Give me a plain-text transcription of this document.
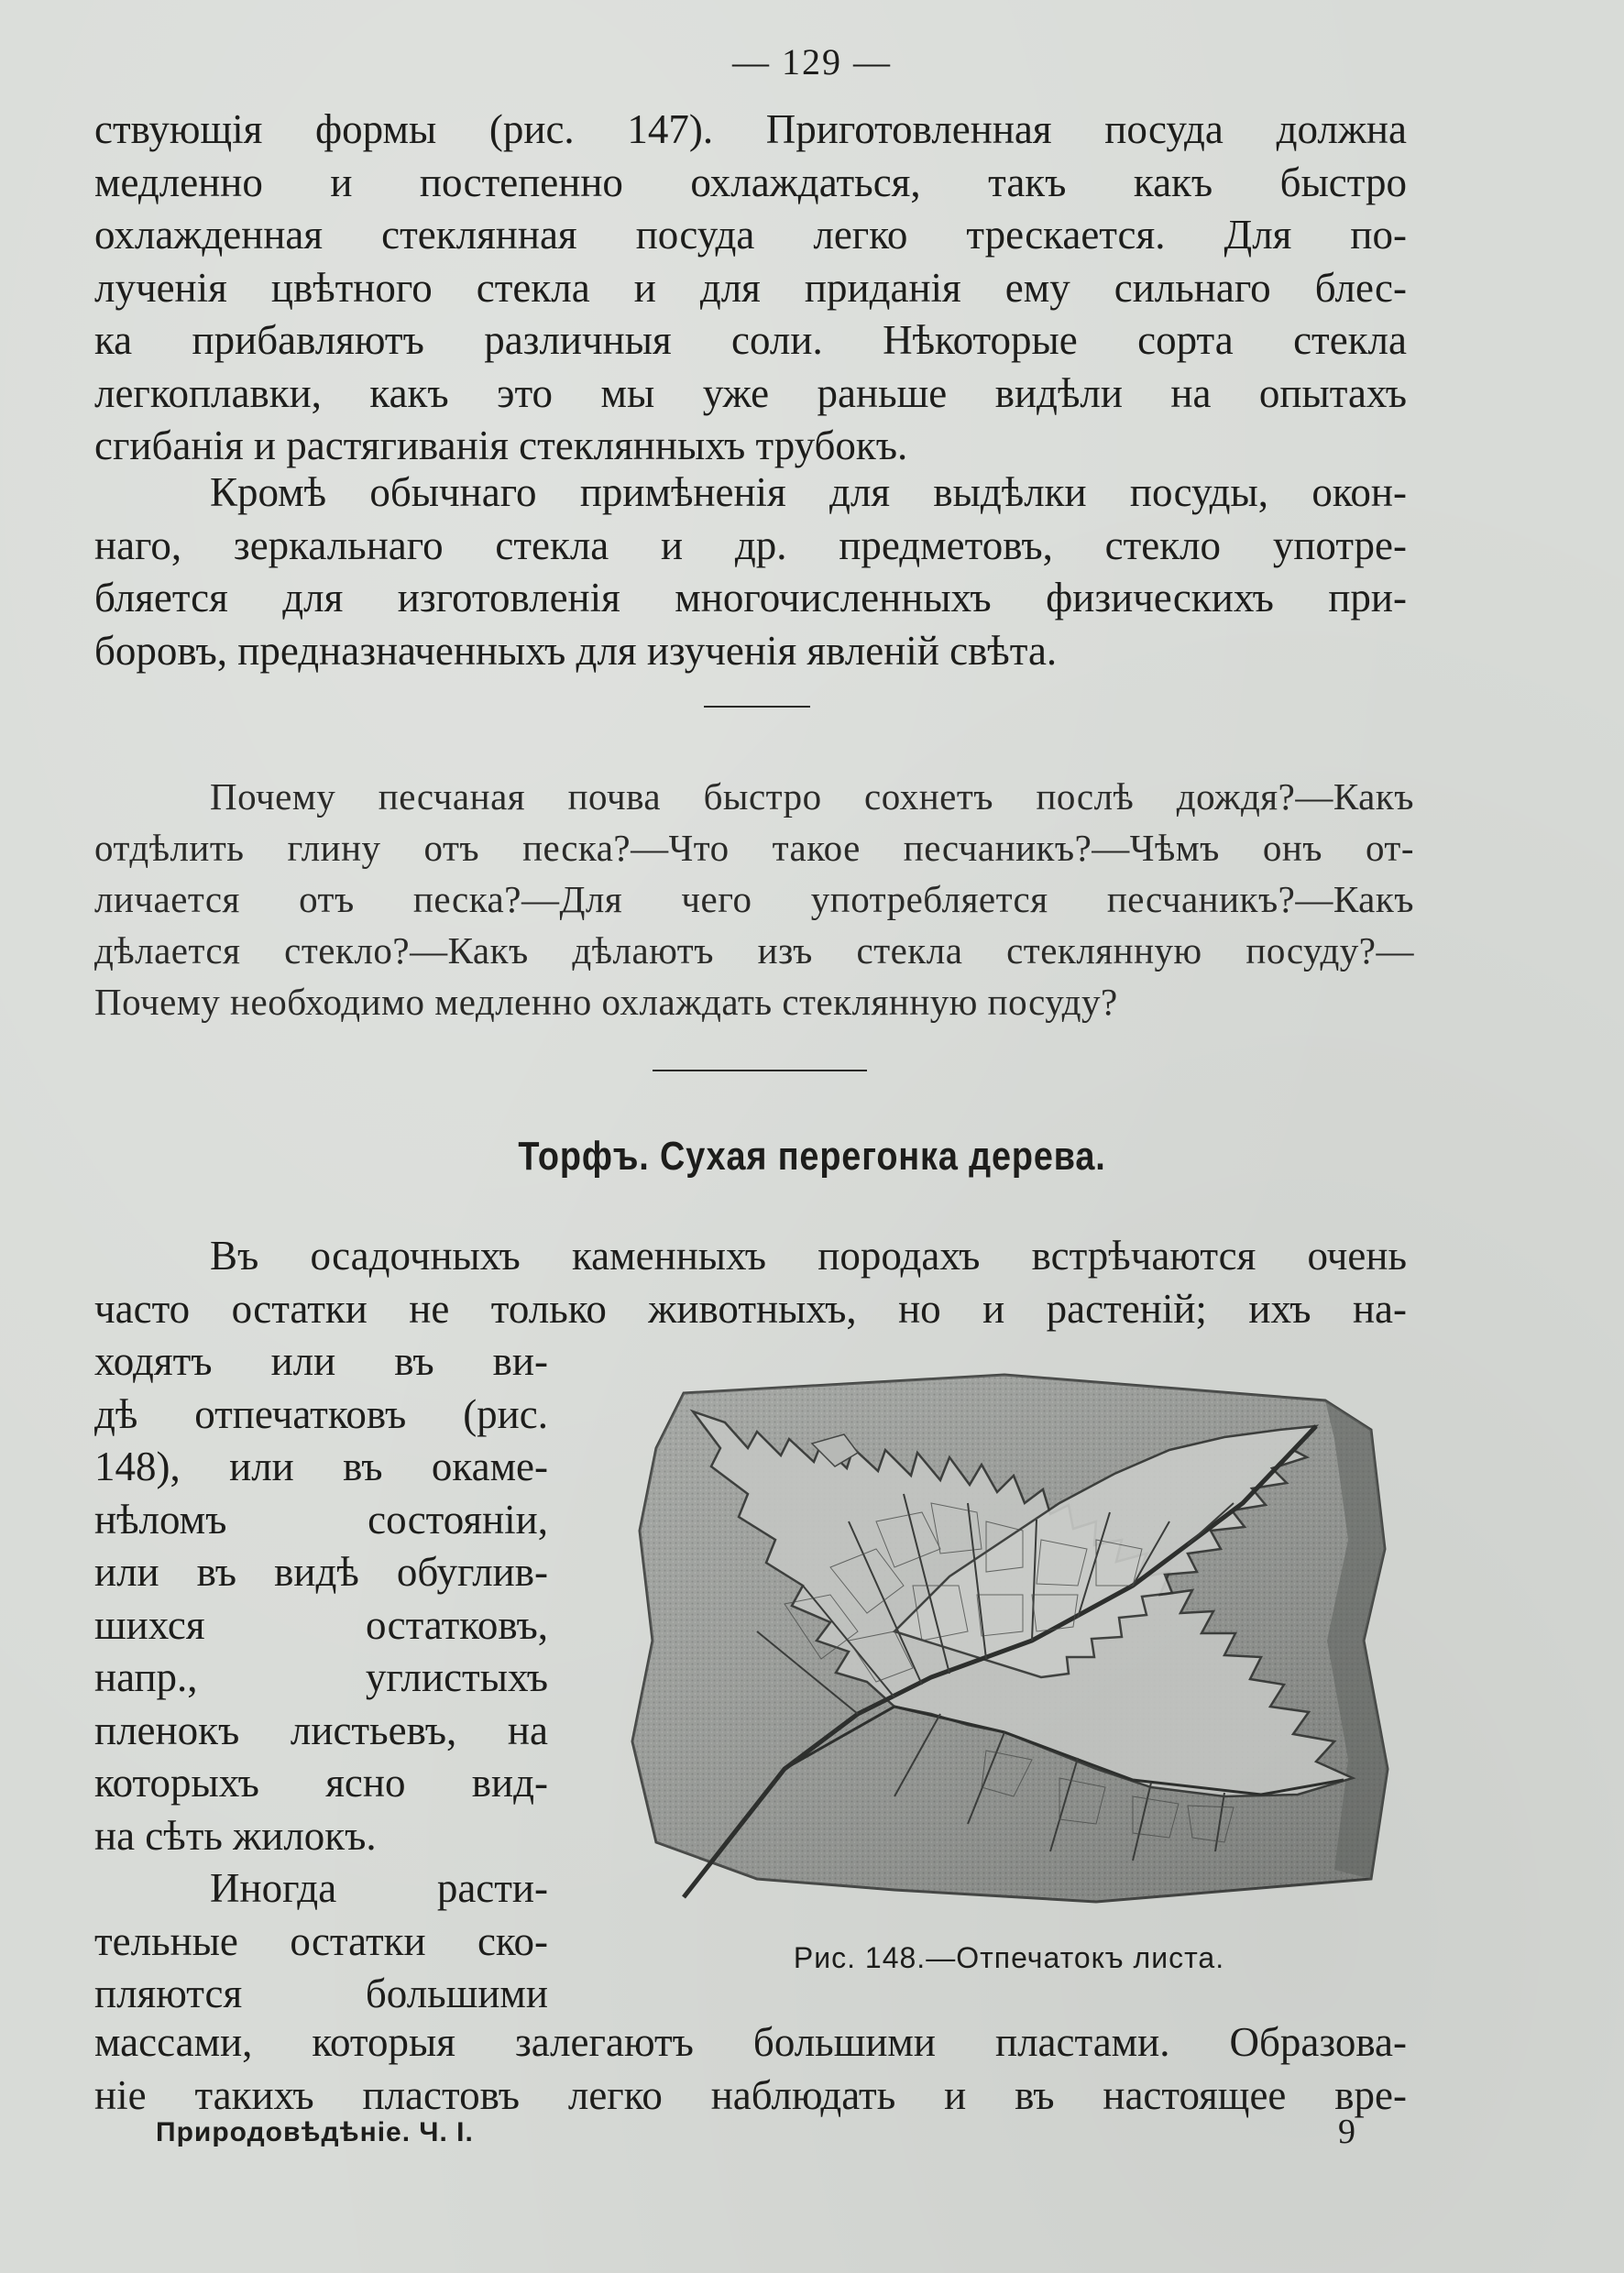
— 129 —
ствующія формы (рис. 147). Приготовленная посуда должна
медленно и постепенно охлаждаться, такъ какъ быстро
охлажденная стеклянная посуда легко трескается. Для по-
лученія цвѣтного стекла и для приданія ему сильнаго блес-
ка прибавляютъ различныя соли. Нѣкоторые сорта стекла
легкоплавки, какъ это мы уже раньше видѣли на опытахъ
сгибанія и растягиванія стеклянныхъ трубокъ.
Кромѣ обычнаго примѣненія для выдѣлки посуды, окон-
наго, зеркальнаго стекла и др. предметовъ, стекло употре-
бляется для изготовленія многочисленныхъ физическихъ при-
боровъ, предназначенныхъ для изученія явленій свѣта.
Почему песчаная почва быстро сохнетъ послѣ дождя?—Какъ
отдѣлить глину отъ песка?—Что такое песчаникъ?—Чѣмъ онъ от-
личается отъ песка?—Для чего употребляется песчаникъ?—Какъ
дѣлается стекло?—Какъ дѣлаютъ изъ стекла стеклянную посуду?—
Почему необходимо медленно охлаждать стеклянную посуду?
Торфъ. Сухая перегонка дерева.
Въ осадочныхъ каменныхъ породахъ встрѣчаются очень
часто остатки не только животныхъ, но и растеній; ихъ на-
ходятъ или въ ви-
дѣ отпечатковъ (рис.
148), или въ окаме-
нѣломъ состояніи,
или въ видѣ обуглив-
шихся остатковъ,
напр., углистыхъ
пленокъ листьевъ, на
которыхъ ясно вид-
на сѣть жилокъ.
Иногда расти-
тельные остатки ско-
пляются большими
массами, которыя залегаютъ большими пластами. Образова-
ніе такихъ пластовъ легко наблюдать и въ настоящее вре-
Рис. 148.—Отпечатокъ листа.
Природовѣдѣніе. Ч. I.	9
